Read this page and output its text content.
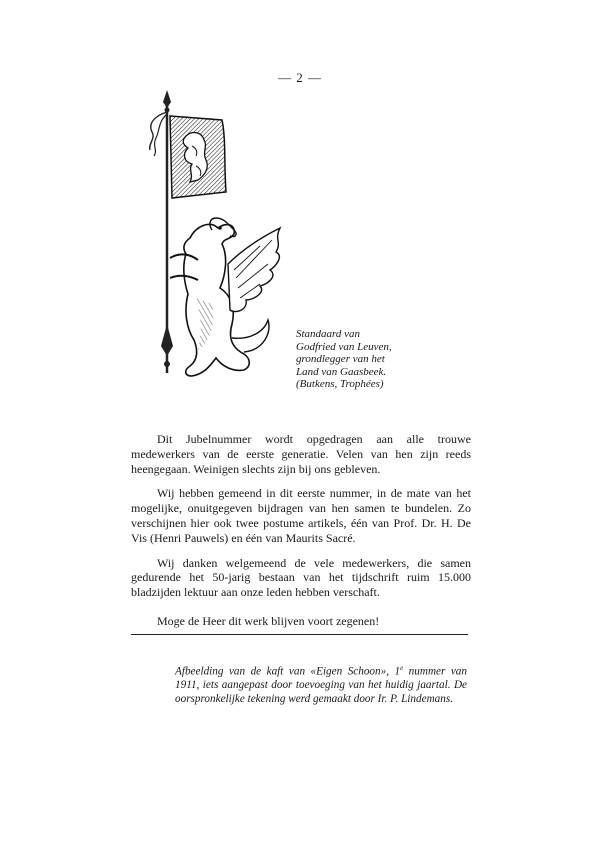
— 2 —
Standaard van
Godfried van Leuven,
grondlegger van het
Land van Gaasbeek.
(Butkens, Trophées)

Dit Jubelnummer wordt opgedragen aan alle trouwe medewerkers van de eerste generatie. Velen van hen zijn reeds heengegaan. Weinigen slechts zijn bij ons gebleven.

Wij hebben gemeend in dit eerste nummer, in de mate van het mogelijke, onuitgegeven bijdragen van hen samen te bundelen. Zo verschijnen hier ook twee postume artikels, één van Prof. Dr. H. De Vis (Henri Pauwels) en één van Maurits Sacré.

Wij danken welgemeend de vele medewerkers, die samen gedurende het 50-jarig bestaan van het tijdschrift ruim 15.000 bladzijden lektuur aan onze leden hebben verschaft.

Moge de Heer dit werk blijven voort zegenen!

Afbeelding van de kaft van «Eigen Schoon», 1e nummer van 1911, iets aangepast door toevoeging van het huidig jaartal. De oorspronkelijke tekening werd gemaakt door Ir. P. Lindemans.
